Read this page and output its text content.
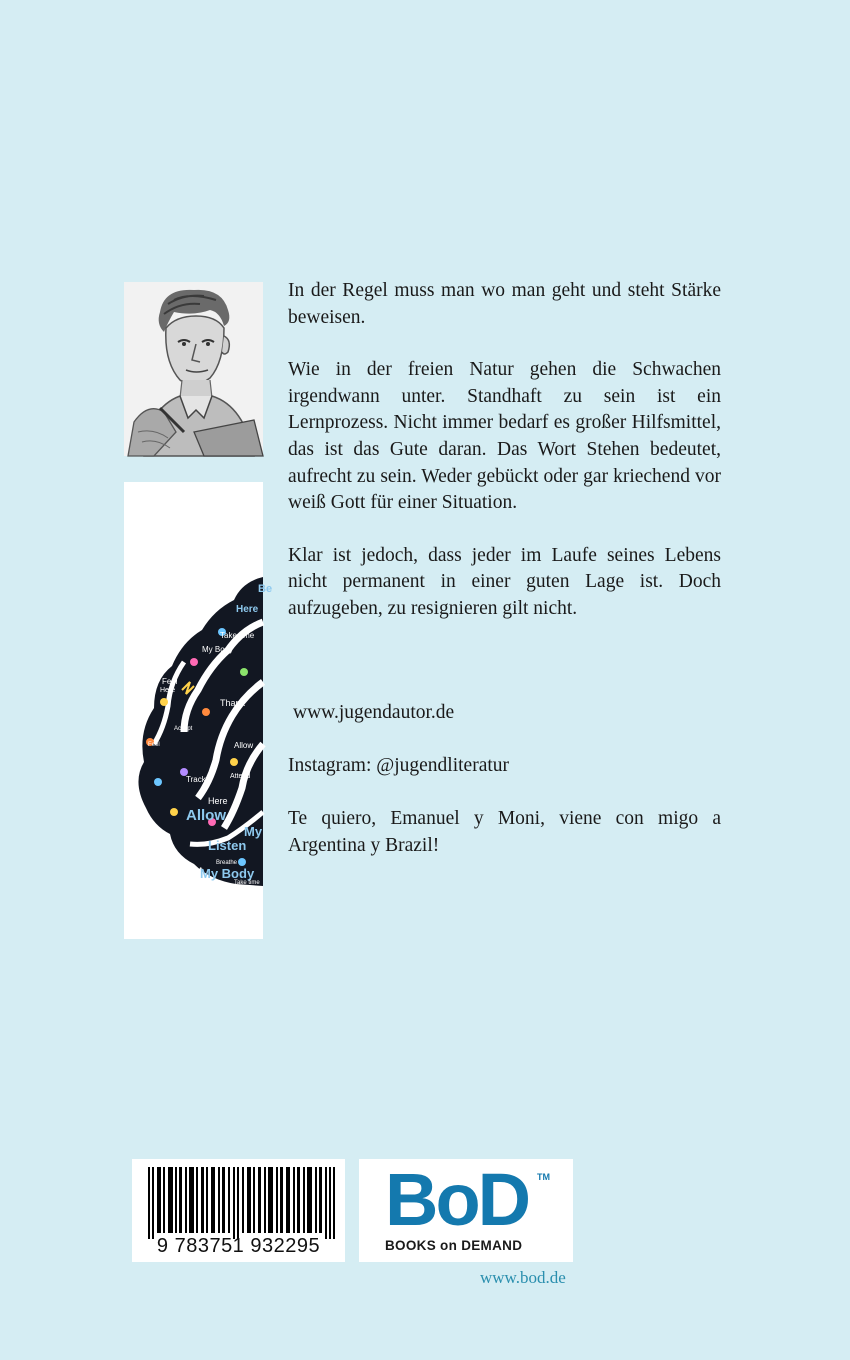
Be
Here
Take time
My Body
Feel
Thank
Here
Accept
Allow
Track	Attend
Here
Allow
Listen
Trust
My Body
My
Breathe
Feel
Take time

In der Regel muss man wo man geht und steht Stärke beweisen.

Wie in der freien Natur gehen die Schwachen irgendwann unter. Standhaft zu sein ist ein Lernprozess. Nicht immer bedarf es großer Hilfsmittel, das ist das Gute daran. Das Wort Stehen bedeutet, aufrecht zu sein. Weder gebückt oder gar kriechend vor weiß Gott für einer Situation.

Klar ist jedoch, dass jeder im Laufe seines Lebens nicht permanent in einer guten Lage ist. Doch aufzugeben, zu resignieren gilt nicht.

www.jugendautor.de
Instagram: @jugendliteratur

Te quiero, Emanuel y Moni, viene con migo a Argentina y Brazil!

9 783751 932295
BoD TM
BOOKS on DEMAND
www.bod.de
